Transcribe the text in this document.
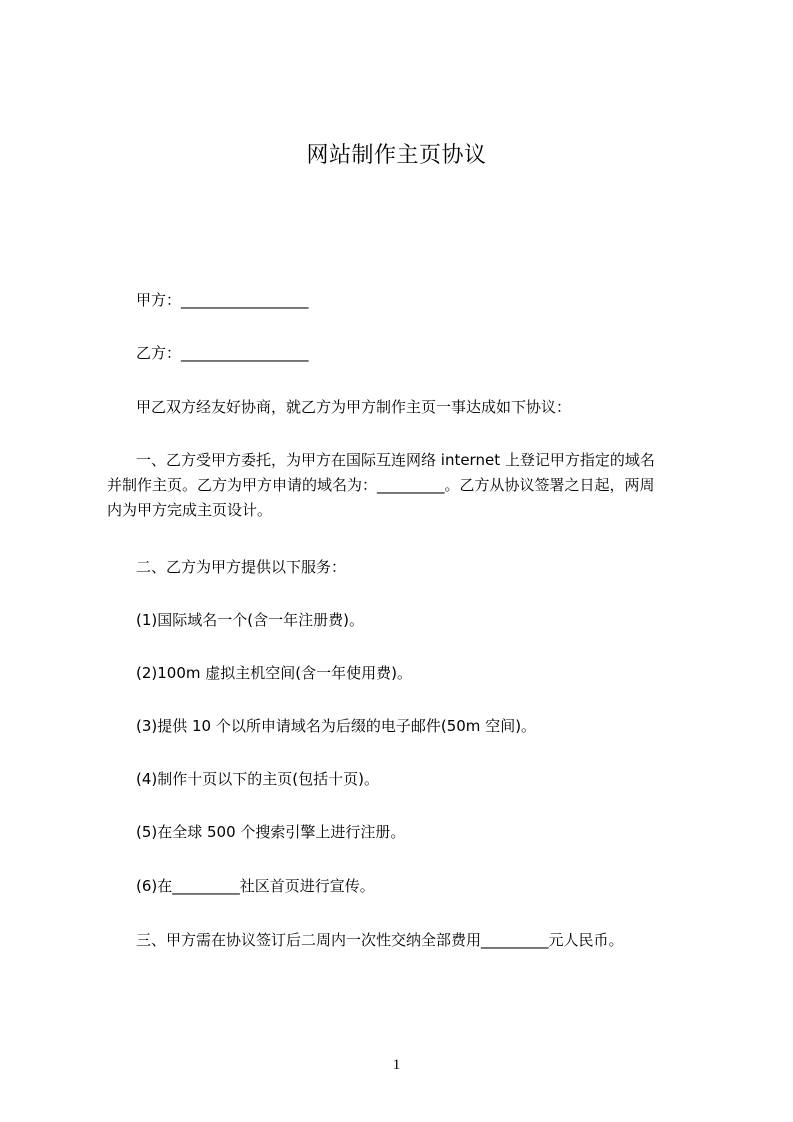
网站制作主页协议
甲方：_________________
乙方：_________________
甲乙双方经友好协商，就乙方为甲方制作主页一事达成如下协议：
一、乙方受甲方委托，为甲方在国际互连网络 internet 上登记甲方指定的域名
并制作主页。乙方为甲方申请的域名为：_________。乙方从协议签署之日起，两周
内为甲方完成主页设计。
二、乙方为甲方提供以下服务：
(1)国际域名一个(含一年注册费)。
(2)100m 虚拟主机空间(含一年使用费)。
(3)提供 10 个以所申请域名为后缀的电子邮件(50m 空间)。
(4)制作十页以下的主页(包括十页)。
(5)在全球 500 个搜索引擎上进行注册。
(6)在_________社区首页进行宣传。
三、甲方需在协议签订后二周内一次性交纳全部费用_________元人民币。
1
